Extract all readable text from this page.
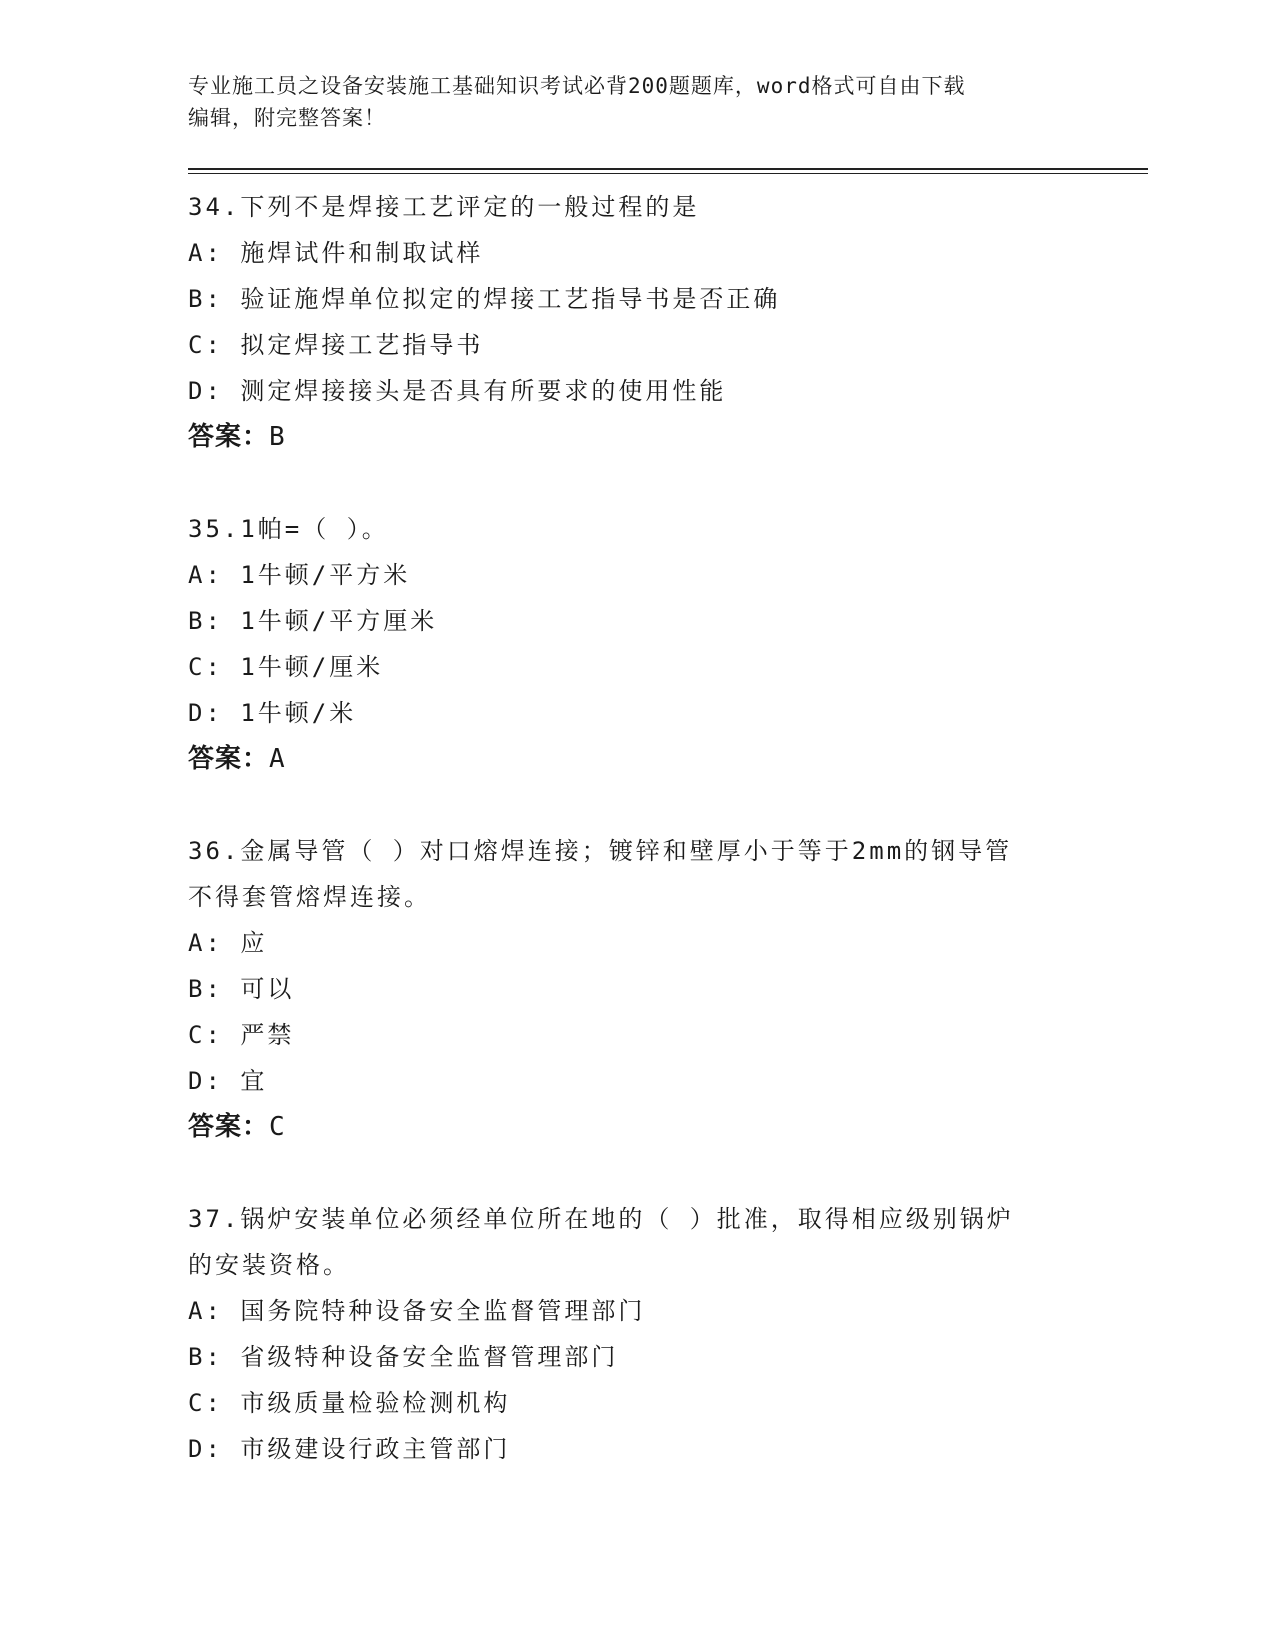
专业施工员之设备安装施工基础知识考试必背200题题库，word格式可自由下载
编辑，附完整答案！
34.下列不是焊接工艺评定的一般过程的是
A: 施焊试件和制取试样
B: 验证施焊单位拟定的焊接工艺指导书是否正确
C: 拟定焊接工艺指导书
D: 测定焊接接头是否具有所要求的使用性能
答案：B
35.1帕=（ ）。
A: 1牛顿/平方米
B: 1牛顿/平方厘米
C: 1牛顿/厘米
D: 1牛顿/米
答案：A
36.金属导管（ ）对口熔焊连接；镀锌和壁厚小于等于2mm的钢导管
不得套管熔焊连接。
A: 应
B: 可以
C: 严禁
D: 宜
答案：C
37.锅炉安装单位必须经单位所在地的（ ）批准，取得相应级别锅炉
的安装资格。
A: 国务院特种设备安全监督管理部门
B: 省级特种设备安全监督管理部门
C: 市级质量检验检测机构
D: 市级建设行政主管部门
